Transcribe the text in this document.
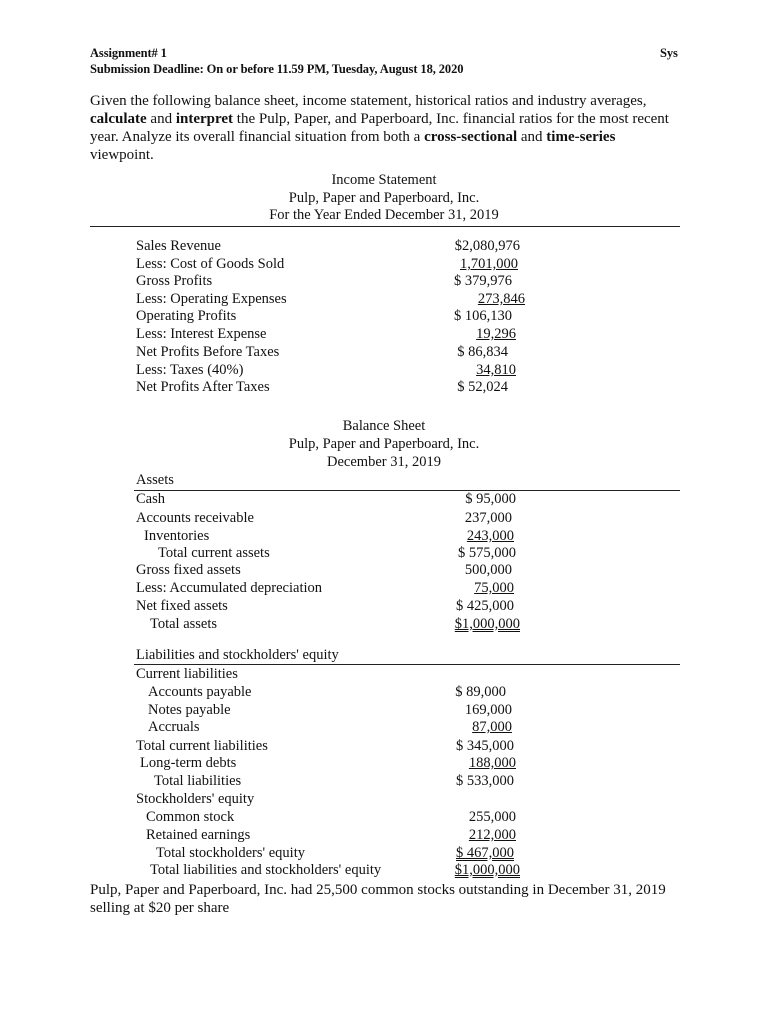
Assignment# 1
Submission Deadline: On or before 11.59 PM, Tuesday, August 18, 2020
Sys
Given the following balance sheet, income statement, historical ratios and industry averages,
calculate and interpret the Pulp, Paper, and Paperboard, Inc. financial ratios for the most recent
year. Analyze its overall financial situation from both a cross-sectional and time-series
viewpoint.
Income Statement
Pulp, Paper and Paperboard, Inc.
For the Year Ended December 31, 2019
Sales Revenue	$2,080,976
Less: Cost of Goods Sold	1,701,000
Gross Profits	$ 379,976
Less: Operating Expenses	273,846
Operating Profits	$ 106,130
Less: Interest Expense	19,296
Net Profits Before Taxes	$ 86,834
Less: Taxes (40%)	34,810
Net Profits After Taxes	$ 52,024
Balance Sheet
Pulp, Paper and Paperboard, Inc.
December 31, 2019
Assets
Cash	$ 95,000
Accounts receivable	237,000
Inventories	243,000
Total current assets	$ 575,000
Gross fixed assets	500,000
Less: Accumulated depreciation	75,000
Net fixed assets	$ 425,000
Total assets	$1,000,000
Liabilities and stockholders' equity
Current liabilities
Accounts payable	$ 89,000
Notes payable	169,000
Accruals	87,000
Total current liabilities	$ 345,000
Long-term debts	188,000
Total liabilities	$ 533,000
Stockholders' equity
Common stock	255,000
Retained earnings	212,000
Total stockholders' equity	$ 467,000
Total liabilities and stockholders' equity	$1,000,000
Pulp, Paper and Paperboard, Inc. had 25,500 common stocks outstanding in December 31, 2019
selling at $20 per share
